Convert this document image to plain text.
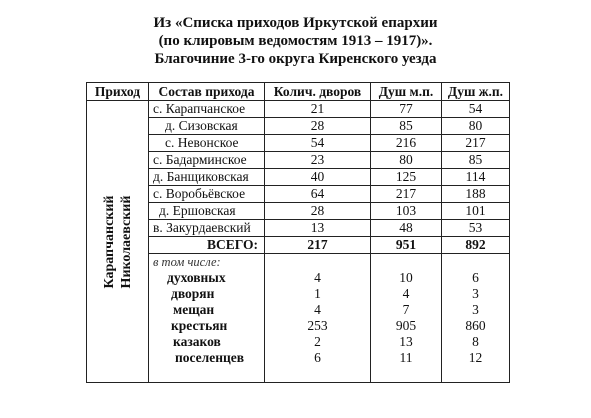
Из «Списка приходов Иркутской епархии
(по клировым ведомостям 1913 – 1917)».
Благочиние 3-го округа Киренского уезда
Приход	Состав прихода	Колич. дворов	Душ м.п.	Душ ж.п.

Карапчанский Николаевский	с. Карапчанское	21	77	54
	д. Сизовская	28	85	80
	с. Невонское	54	216	217
	с. Бадарминское	23	80	85
	д. Банщиковская	40	125	114
	с. Воробьёвское	64	217	188
	д. Ершовская	28	103	101
	в. Закурдаевский	13	48	53
	ВСЕГО:	217	951	892
	в том числе:			
	духовных	4	10	6
	дворян	1	4	3
	мещан	4	7	3
	крестьян	253	905	860
	казаков	2	13	8
	поселенцев	6	11	12
